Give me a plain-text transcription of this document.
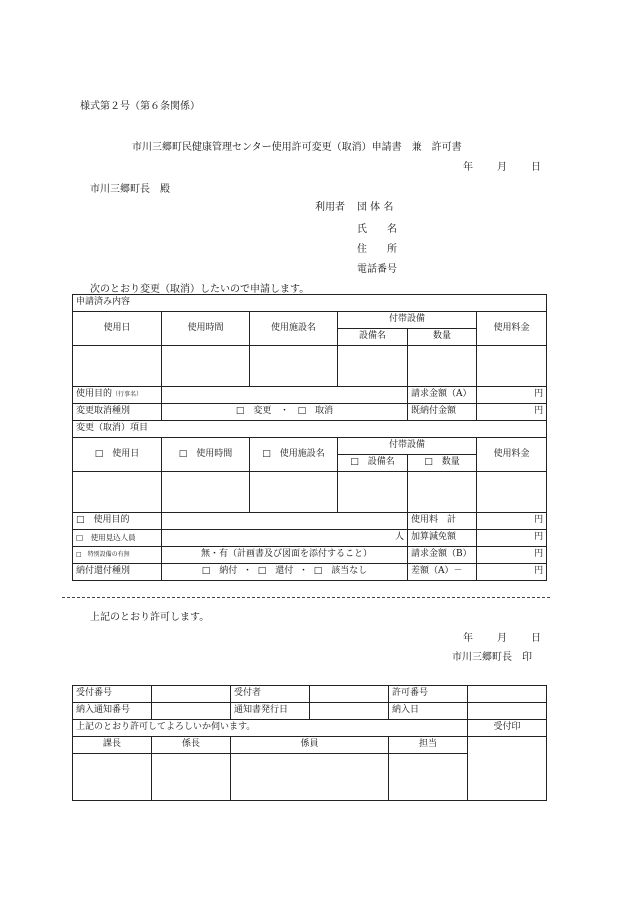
様式第２号（第６条関係）
市川三郷町民健康管理センター使用許可変更（取消）申請書　兼　許可書
年 月 日
市川三郷町長　殿
利用者 団 体 名
氏　　名
住　　所
電話番号
次のとおり変更（取消）したいので申請します。
申請済み内容					
使用日	使用時間	使用施設名	付帯設備		使用料金
			設備名	数量	

使用目的（行事名）				請求金額（A）	円
変更取消種別	□　変更 ・ □　取消			既納付金額	円
変更（取消）項目					
□　使用日	□　使用時間	□　使用施設名	付帯設備		使用料金
			□　設備名	□　数量	

□　使用目的				使用料　計	円
□　使用見込人員	人			加算減免額	円
□　特別設備の有無	無・有（計画書及び図面を添付すること）			請求金額（B）	円
納付還付種別	□　納付 ・ □　還付 ・ □　該当なし			差額（A）－	円
上記のとおり許可します。
年 月 日
市川三郷町長　印
受付番号		受付者		許可番号	
納入通知番号		通知書発行日		納入日	
上記のとおり許可してよろしいか伺います。					受付印
課長	係長	係員		担当	
